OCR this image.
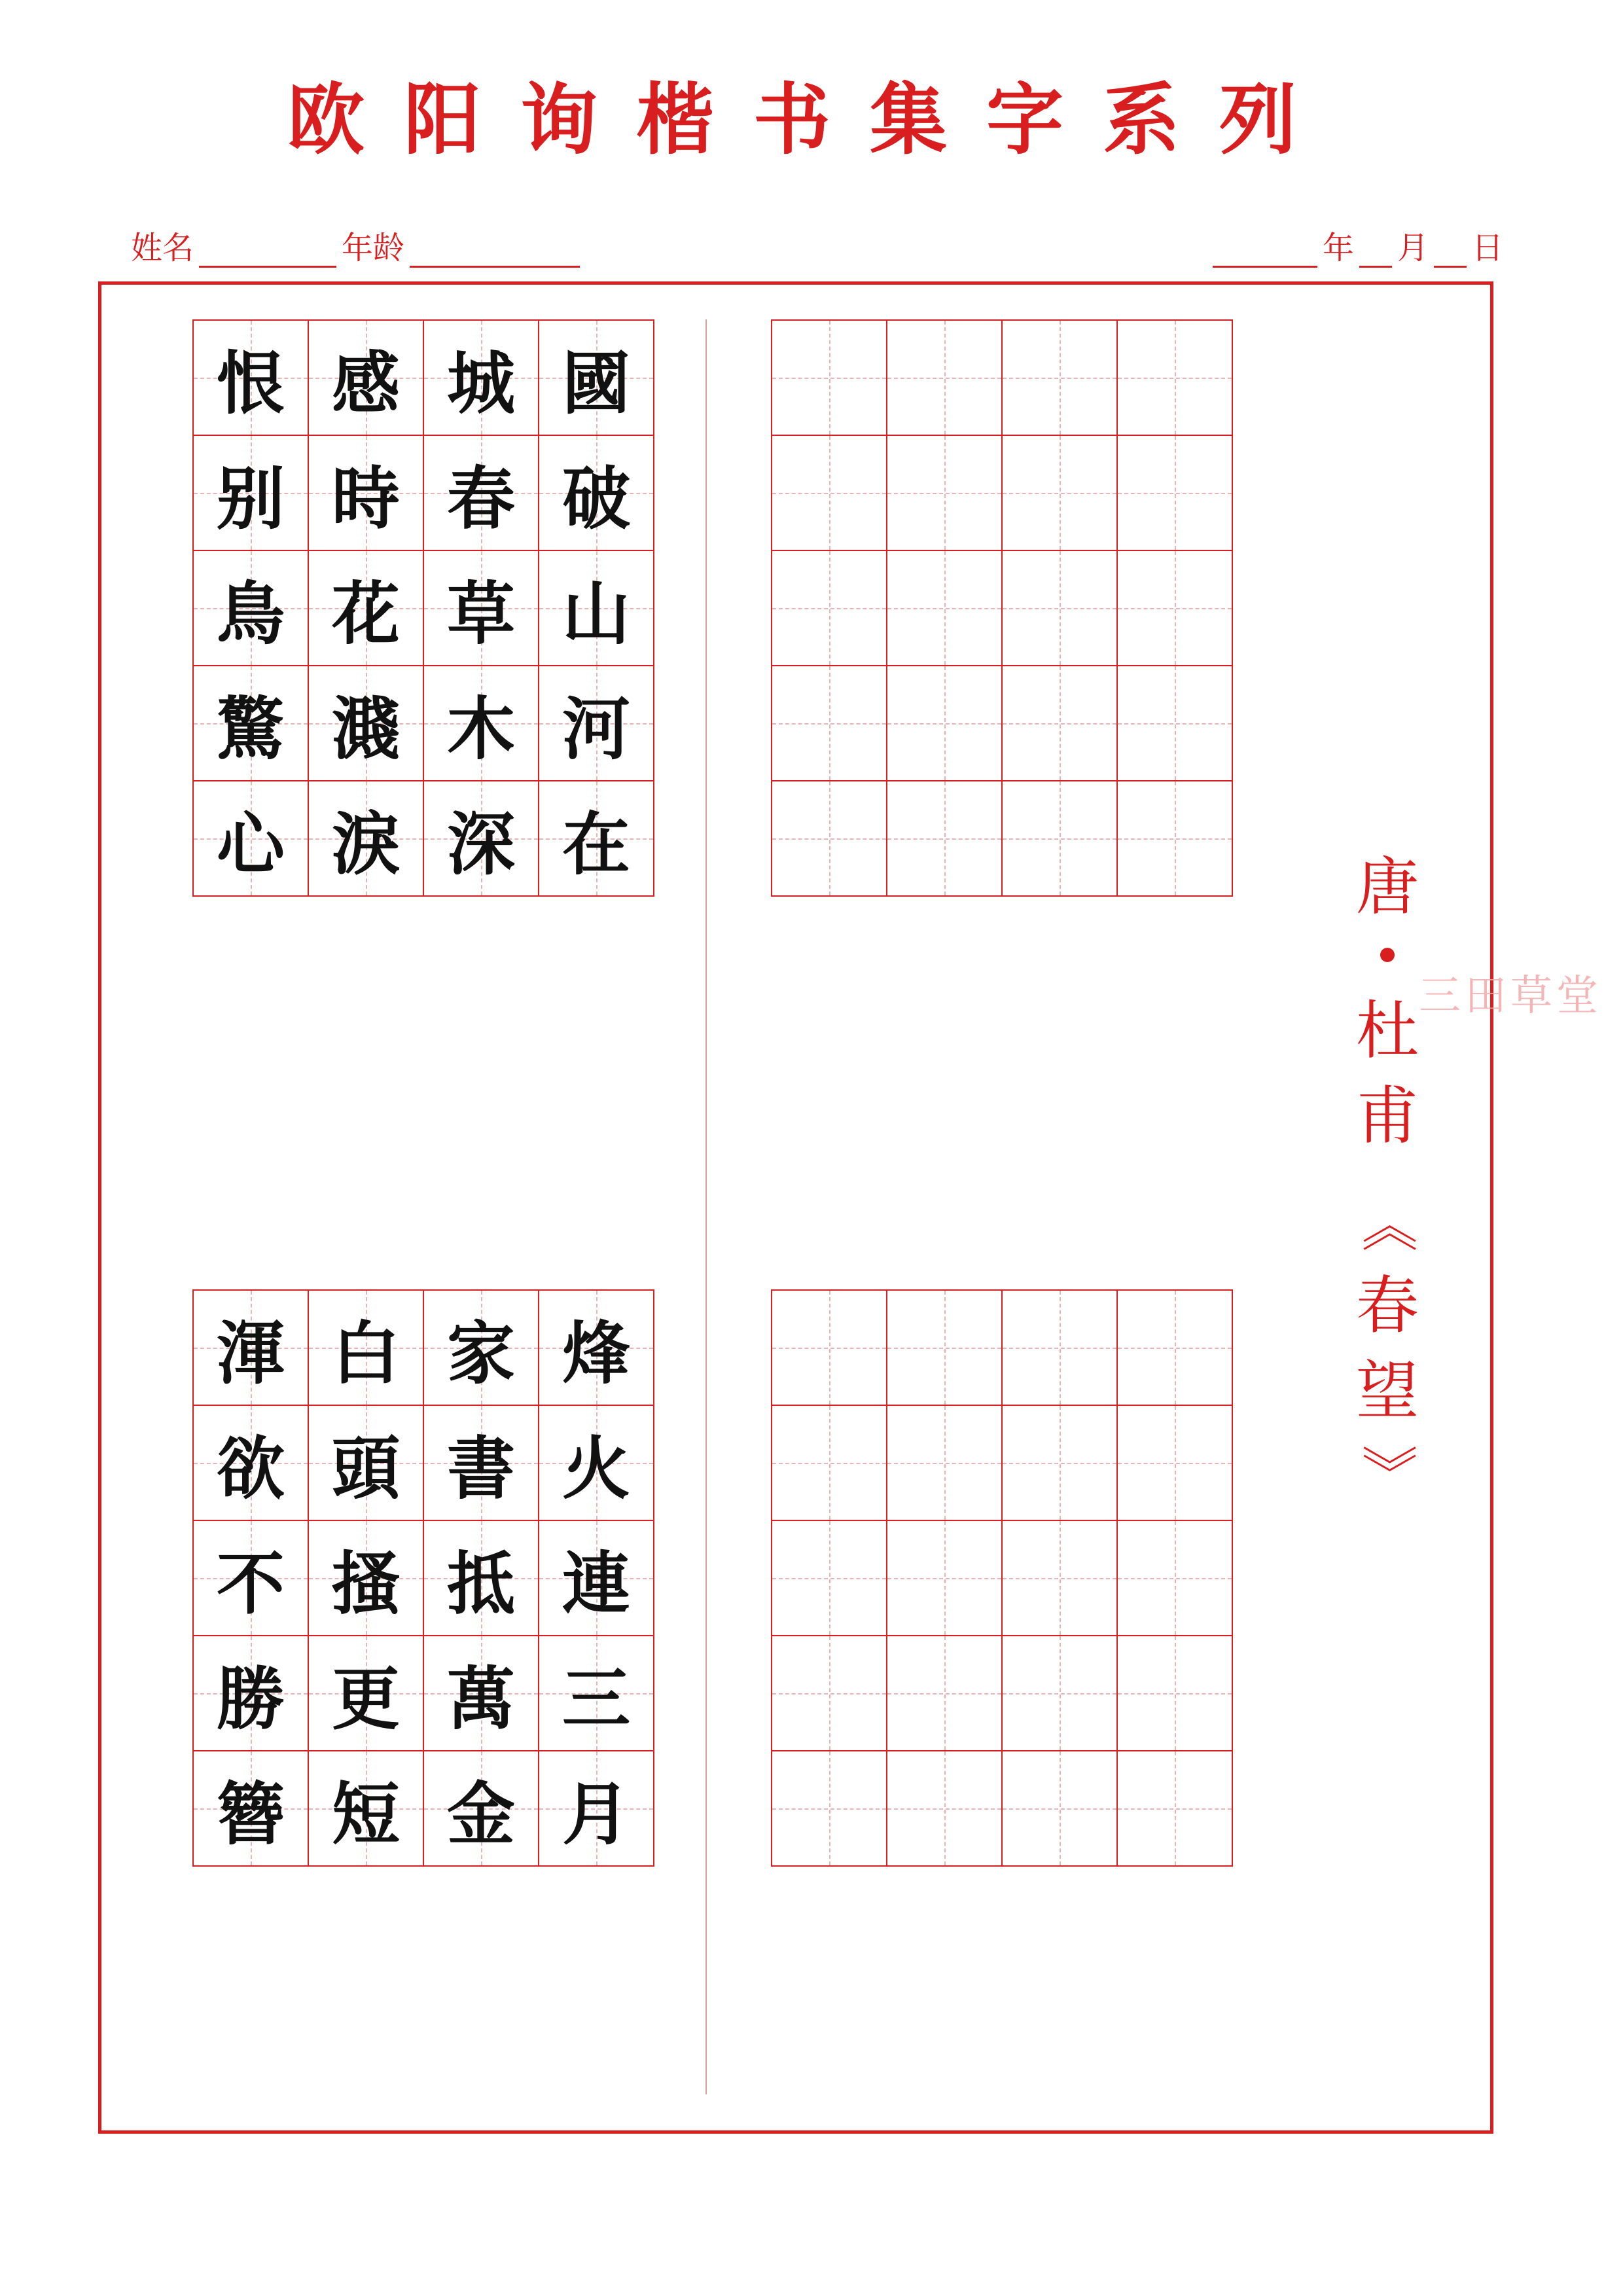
欧阳询楷书集字系列
姓名	年龄	年 月 日
恨 感 城 國
别 時 春 破
鳥 花 草 山
驚 濺 木 河
心 淚 深 在
渾 白 家 烽
欲 頭 書 火
不 搔 抵 連
勝 更 萬 三
簪 短 金 月
唐
杜
甫
《
春
望
》
三田草堂
